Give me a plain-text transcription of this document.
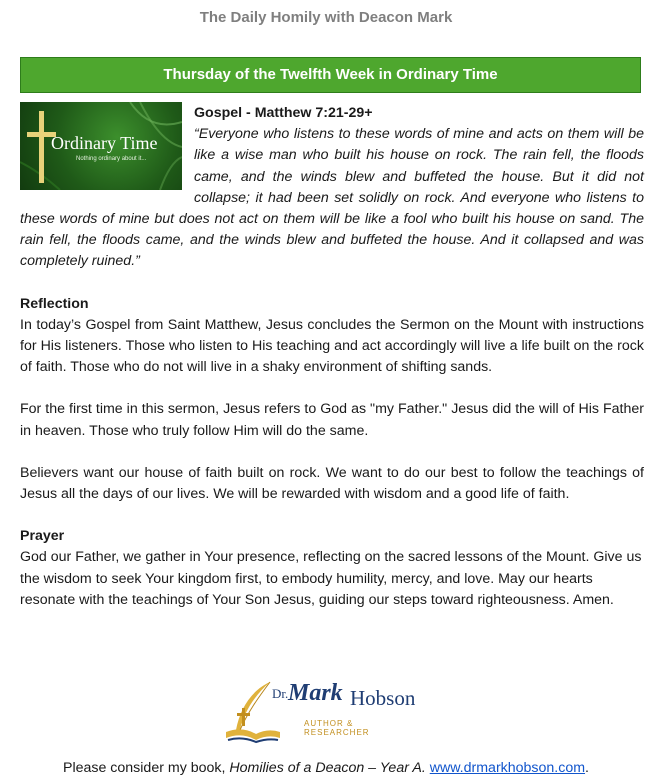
The Daily Homily with Deacon Mark
Thursday of the Twelfth Week in Ordinary Time
Ordinary Time
Nothing ordinary about it...
Gospel - Matthew 7:21-29+
“Everyone who listens to these words of mine and acts on them will be like a wise man who built his house on rock. The rain fell, the floods came, and the winds blew and buffeted the house. But it did not collapse; it had been set solidly on rock. And everyone who listens to these words of mine but does not act on them will be like a fool who built his house on sand. The rain fell, the floods came, and the winds blew and buffeted the house. And it collapsed and was completely ruined.”
Reflection

In today’s Gospel from Saint Matthew, Jesus concludes the Sermon on the Mount with instructions for His listeners. Those who listen to His teaching and act accordingly will live a life built on the rock of faith. Those who do not will live in a shaky environment of shifting sands.

For the first time in this sermon, Jesus refers to God as "my Father." Jesus did the will of His Father in heaven. Those who truly follow Him will do the same.

Believers want our house of faith built on rock. We want to do our best to follow the teachings of Jesus all the days of our lives. We will be rewarded with wisdom and a good life of faith.

Prayer

God our Father, we gather in Your presence, reflecting on the sacred lessons of the Mount. Give us the wisdom to seek Your kingdom first, to embody humility, mercy, and love. May our hearts resonate with the teachings of Your Son Jesus, guiding our steps toward righteousness. Amen.

Dr. Mark Hobson
AUTHOR & RESEARCHER
Please consider my book, Homilies of a Deacon – Year A. www.drmarkhobson.com.
